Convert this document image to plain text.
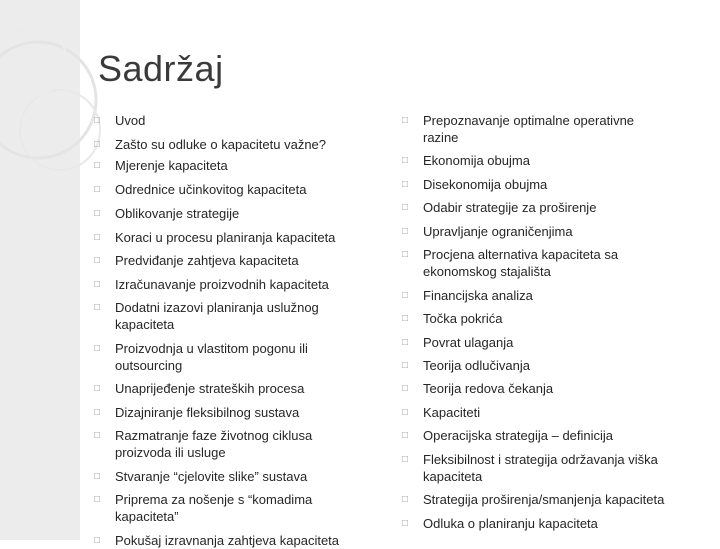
Sadržaj
□	Uvod
□	Zašto su odluke o kapacitetu važne?
□	Mjerenje kapaciteta
□	Odrednice učinkovitog kapaciteta
□	Oblikovanje strategije
□	Koraci u procesu planiranja kapaciteta
□	Predviđanje zahtjeva kapaciteta
□	Izračunavanje proizvodnih kapaciteta
□	Dodatni izazovi planiranja uslužnog kapaciteta
□	Proizvodnja u vlastitom pogonu ili outsourcing
□	Unaprijeđenje strateških procesa
□	Dizajniranje fleksibilnog sustava
□	Razmatranje faze životnog ciklusa proizvoda ili usluge
□	Stvaranje “cjelovite slike” sustava
□	Priprema za nošenje s “komadima kapaciteta”
□	Pokušaj izravnanja zahtjeva kapaciteta
□	Prepoznavanje optimalne operativne razine
□	Ekonomija obujma
□	Disekonomija obujma
□	Odabir strategije za proširenje
□	Upravljanje ograničenjima
□	Procjena alternativa kapaciteta sa ekonomskog stajališta
□	Financijska analiza
□	Točka pokrića
□	Povrat ulaganja
□	Teorija odlučivanja
□	Teorija redova čekanja
□	Kapaciteti
□	Operacijska strategija – definicija
□	Fleksibilnost i strategija održavanja viška kapaciteta
□	Strategija proširenja/smanjenja kapaciteta
□	Odluka o planiranju kapaciteta
